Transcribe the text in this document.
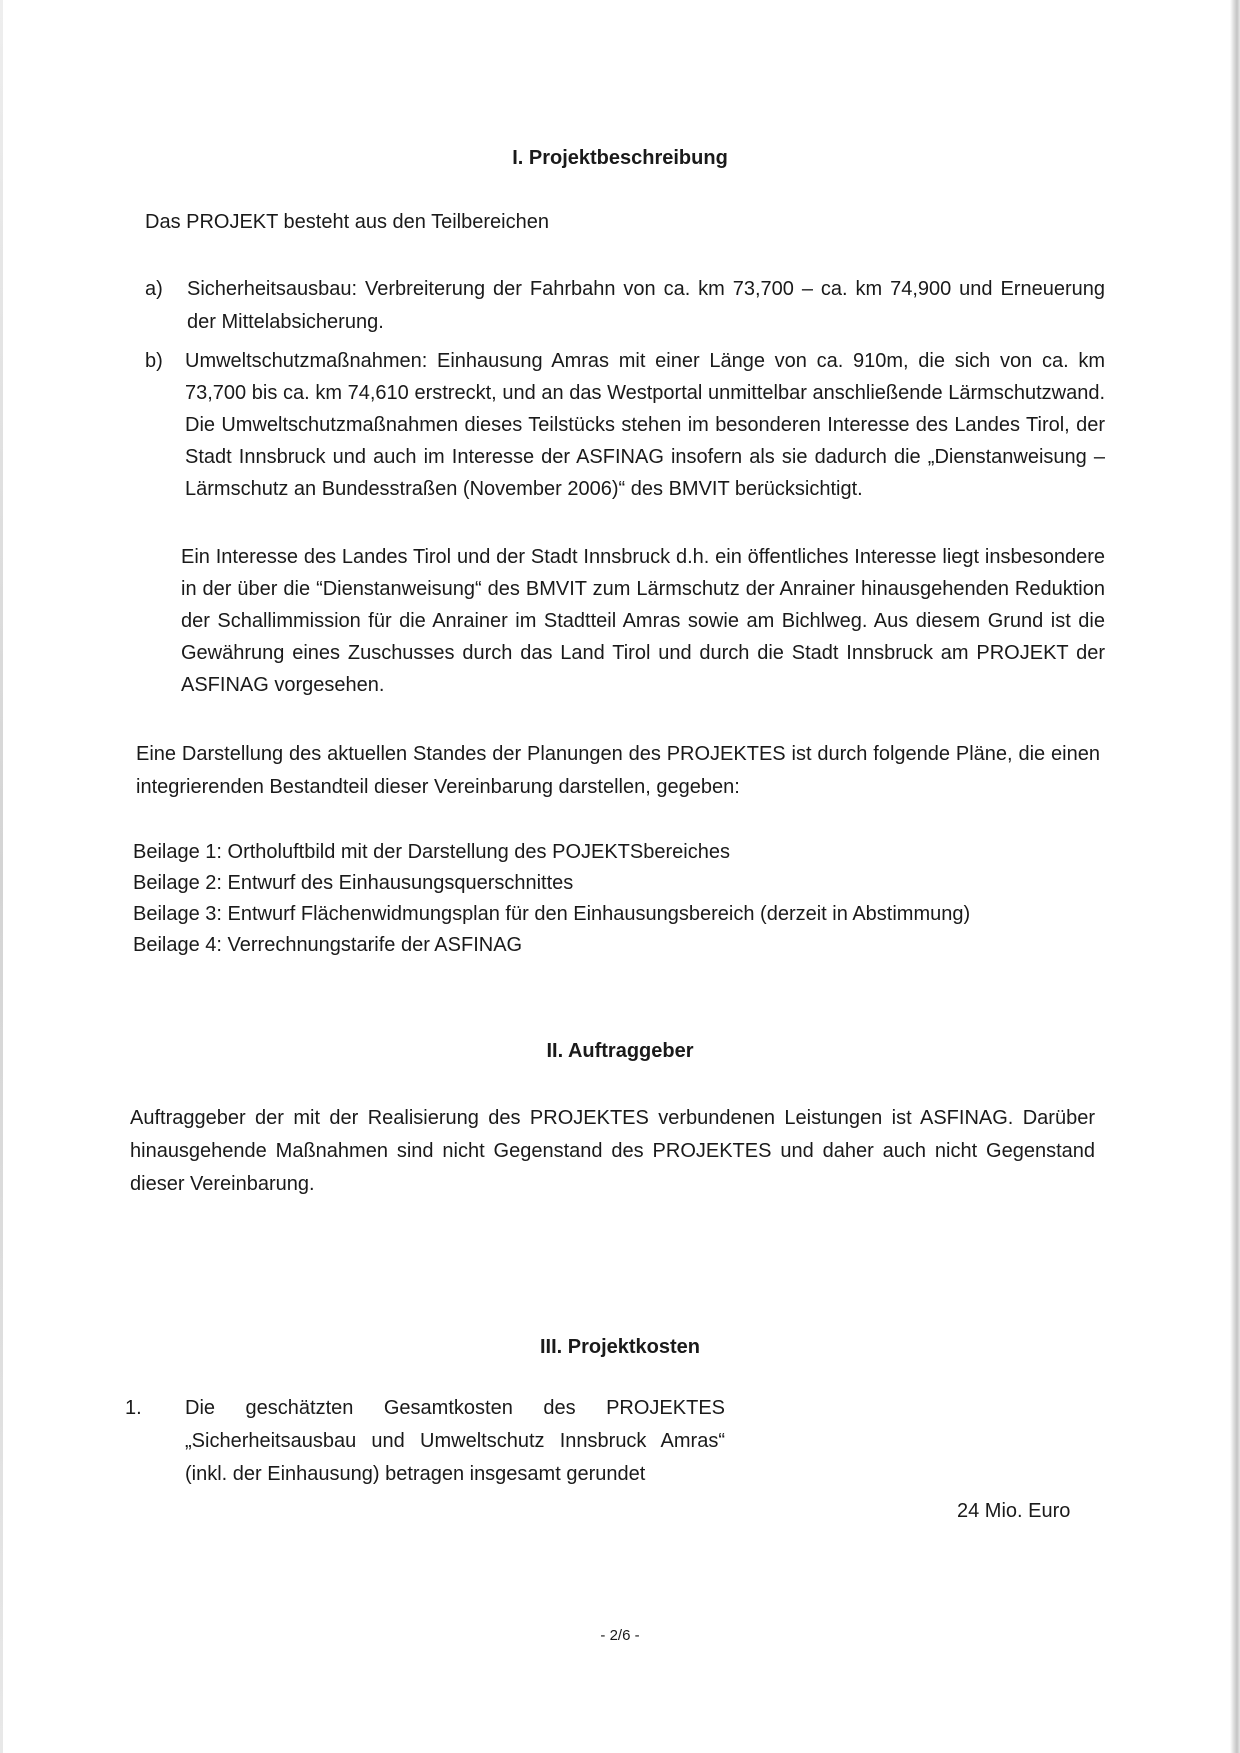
I. Projektbeschreibung
Das PROJEKT besteht aus den Teilbereichen
a) Sicherheitsausbau: Verbreiterung der Fahrbahn von ca. km 73,700 – ca. km 74,900 und Erneuerung der Mittelabsicherung.
b) Umweltschutzmaßnahmen: Einhausung Amras mit einer Länge von ca. 910m, die sich von ca. km 73,700 bis ca. km 74,610 erstreckt, und an das Westportal unmittelbar anschließende Lärmschutzwand. Die Umweltschutzmaßnahmen dieses Teilstücks stehen im besonderen Interesse des Landes Tirol, der Stadt Innsbruck und auch im Interesse der ASFINAG insofern als sie dadurch die „Dienstanweisung – Lärmschutz an Bundesstraßen (November 2006)“ des BMVIT berücksichtigt.
Ein Interesse des Landes Tirol und der Stadt Innsbruck d.h. ein öffentliches Interesse liegt insbesondere in der über die “Dienstanweisung“ des BMVIT zum Lärmschutz der Anrainer hinausgehenden Reduktion der Schallimmission für die Anrainer im Stadtteil Amras sowie am Bichlweg. Aus diesem Grund ist die Gewährung eines Zuschusses durch das Land Tirol und durch die Stadt Innsbruck am PROJEKT der ASFINAG vorgesehen.
Eine Darstellung des aktuellen Standes der Planungen des PROJEKTES ist durch folgende Pläne, die einen integrierenden Bestandteil dieser Vereinbarung darstellen, gegeben:
Beilage 1: Ortholuftbild mit der Darstellung des POJEKTSbereiches
Beilage 2: Entwurf des Einhausungsquerschnittes
Beilage 3: Entwurf Flächenwidmungsplan für den Einhausungsbereich (derzeit in Abstimmung)
Beilage 4: Verrechnungstarife der ASFINAG
II. Auftraggeber
Auftraggeber der mit der Realisierung des PROJEKTES verbundenen Leistungen ist ASFINAG. Darüber hinausgehende Maßnahmen sind nicht Gegenstand des PROJEKTES und daher auch nicht Gegenstand dieser Vereinbarung.
III. Projektkosten
1. Die geschätzten Gesamtkosten des PROJEKTES „Sicherheitsausbau und Umweltschutz Innsbruck Amras“ (inkl. der Einhausung) betragen insgesamt gerundet
24 Mio. Euro
- 2/6 -
